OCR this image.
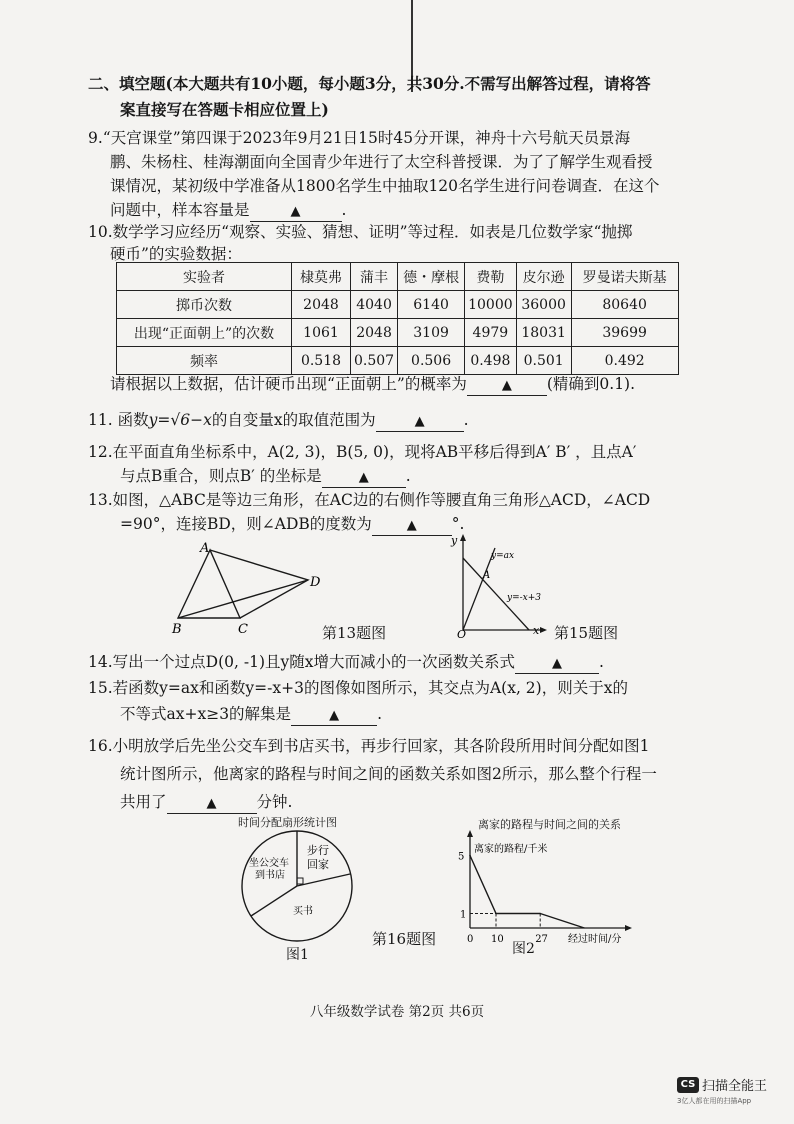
二、填空题(本大题共有10小题，每小题3分，共30分.不需写出解答过程，请将答
案直接写在答题卡相应位置上)
9.“天宫课堂”第四课于2023年9月21日15时45分开课，神舟十六号航天员景海
鹏、朱杨柱、桂海潮面向全国青少年进行了太空科普授课．为了了解学生观看授
课情况，某初级中学准备从1800名学生中抽取120名学生进行问卷调查．在这个
问题中，样本容量是	▲	.
10.数学学习应经历“观察、实验、猜想、证明”等过程．如表是几位数学家“抛掷
硬币”的实验数据：
实验者	棣莫弗	蒲丰	德・摩根	费勒	皮尔逊	罗曼诺夫斯基
掷币次数	2048	4040	6140	10000	36000	80640
出现“正面朝上”的次数	1061	2048	3109	4979	18031	39699
频率	0.518	0.507	0.506	0.498	0.501	0.492
请根据以上数据，估计硬币出现“正面朝上”的概率为	▲ (精确到0.1).
11. 函数y=√6−x的自变量x的取值范围为	▲	.
12.在平面直角坐标系中，A(2, 3)，B(5, 0)，现将AB平移后得到A′ B′ ，且点A′
与点B重合，则点B′ 的坐标是	▲ .
13.如图，△ABC是等边三角形，在AC边的右侧作等腰直角三角形△ACD，∠ACD
=90°，连接BD，则∠ADB的度数为	▲ °.
A
B	C
D
第13题图
y
x
O
A
y=ax
y=-x+3
第15题图
14.写出一个过点D(0, -1)且y随x增大而减小的一次函数关系式	▲ .
15.若函数y=ax和函数y=-x+3的图像如图所示，其交点为A(x, 2)，则关于x的
不等式ax+x≥3的解集是	▲ .
16.小明放学后先坐公交车到书店买书，再步行回家，其各阶段所用时间分配如图1
统计图所示，他离家的路程与时间之间的函数关系如图2所示，那么整个行程一
共用了	▲	分钟.
时间分配扇形统计图
坐公交车
到书店
步行
回家
买书
图1
第16题图
离家的路程与时间之间的关系
离家的路程/千米
经过时间/分
5
1
0 10	27
图2
八年级数学试卷 第2页 共6页
CS 扫描全能王
3亿人都在用的扫描App
